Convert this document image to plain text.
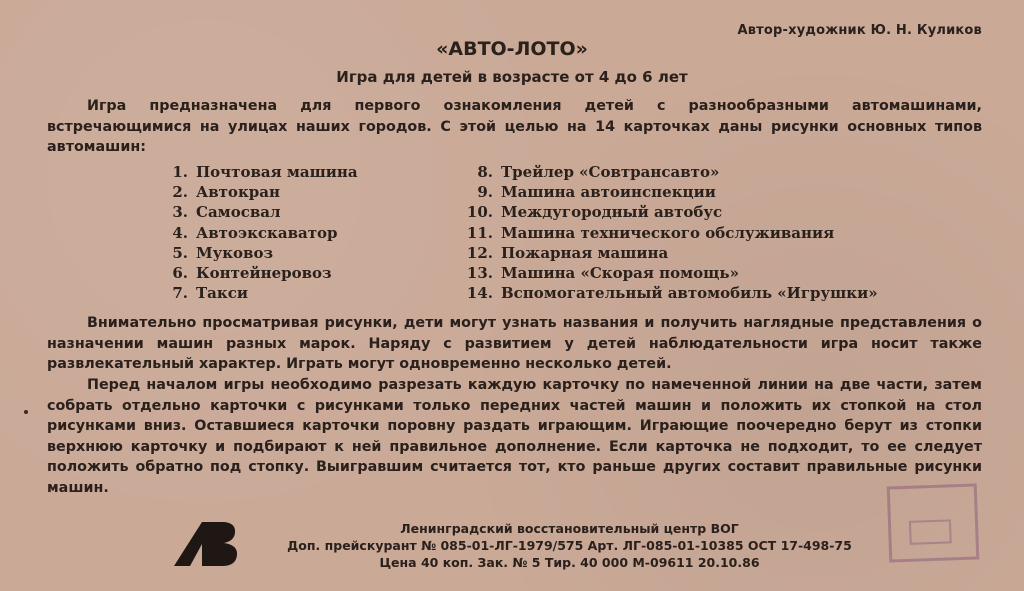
Автор-художник Ю. Н. Куликов
«АВТО-ЛОТО»
Игра для детей в возрасте от 4 до 6 лет
Игра предназначена для первого ознакомления детей с разнообразными автомашинами, встречающимися на улицах наших городов. С этой целью на 14 карточках даны рисунки основных типов автомашин:
1. Почтовая машина
2. Автокран
3. Самосвал
4. Автоэкскаватор
5. Муковоз
6. Контейнеровоз
7. Такси
8. Трейлер «Совтрансавто»
9. Машина автоинспекции
10. Междугородный автобус
11. Машина технического обслуживания
12. Пожарная машина
13. Машина «Скорая помощь»
14. Вспомогательный автомобиль «Игрушки»
Внимательно просматривая рисунки, дети могут узнать названия и получить наглядные представления о назначении машин разных марок. Наряду с развитием у детей наблюдательности игра носит также развлекательный характер. Играть могут одновременно несколько детей.
Перед началом игры необходимо разрезать каждую карточку по намеченной линии на две части, затем собрать отдельно карточки с рисунками только передних частей машин и положить их стопкой на стол рисунками вниз. Оставшиеся карточки поровну раздать играющим. Играющие поочередно берут из стопки верхнюю карточку и подбирают к ней правильное дополнение. Если карточка не подходит, то ее следует положить обратно под стопку. Выигравшим считается тот, кто раньше других составит правильные рисунки машин.
Ленинградский восстановительный центр ВОГ
Доп. прейскурант № 085-01-ЛГ-1979/575 Арт. ЛГ-085-01-10385 ОСТ 17-498-75
Цена 40 коп. Зак. № 5 Тир. 40 000 М-09611 20.10.86
